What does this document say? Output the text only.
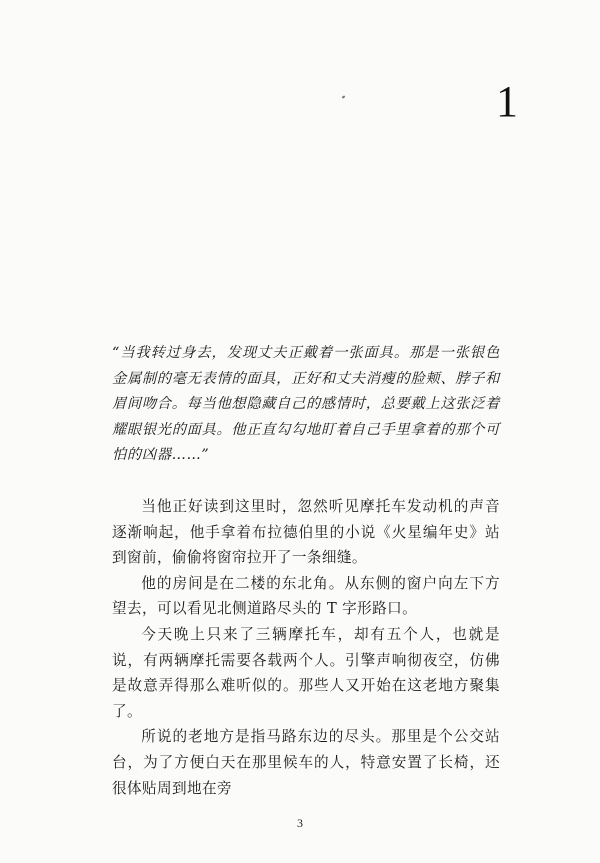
1

“当我转过身去，发现丈夫正戴着一张面具。那是一张银色金属制的毫无表情的面具，正好和丈夫消瘦的脸颊、脖子和眉间吻合。每当他想隐藏自己的感情时，总要戴上这张泛着耀眼银光的面具。他正直勾勾地盯着自己手里拿着的那个可怕的凶器……”

当他正好读到这里时，忽然听见摩托车发动机的声音逐渐响起，他手拿着布拉德伯里的小说《火星编年史》站到窗前，偷偷将窗帘拉开了一条细缝。

他的房间是在二楼的东北角。从东侧的窗户向左下方望去，可以看见北侧道路尽头的 T 字形路口。

今天晚上只来了三辆摩托车，却有五个人，也就是说，有两辆摩托需要各载两个人。引擎声响彻夜空，仿佛是故意弄得那么难听似的。那些人又开始在这老地方聚集了。

所说的老地方是指马路东边的尽头。那里是个公交站台，为了方便白天在那里候车的人，特意安置了长椅，还很体贴周到地在旁

3
